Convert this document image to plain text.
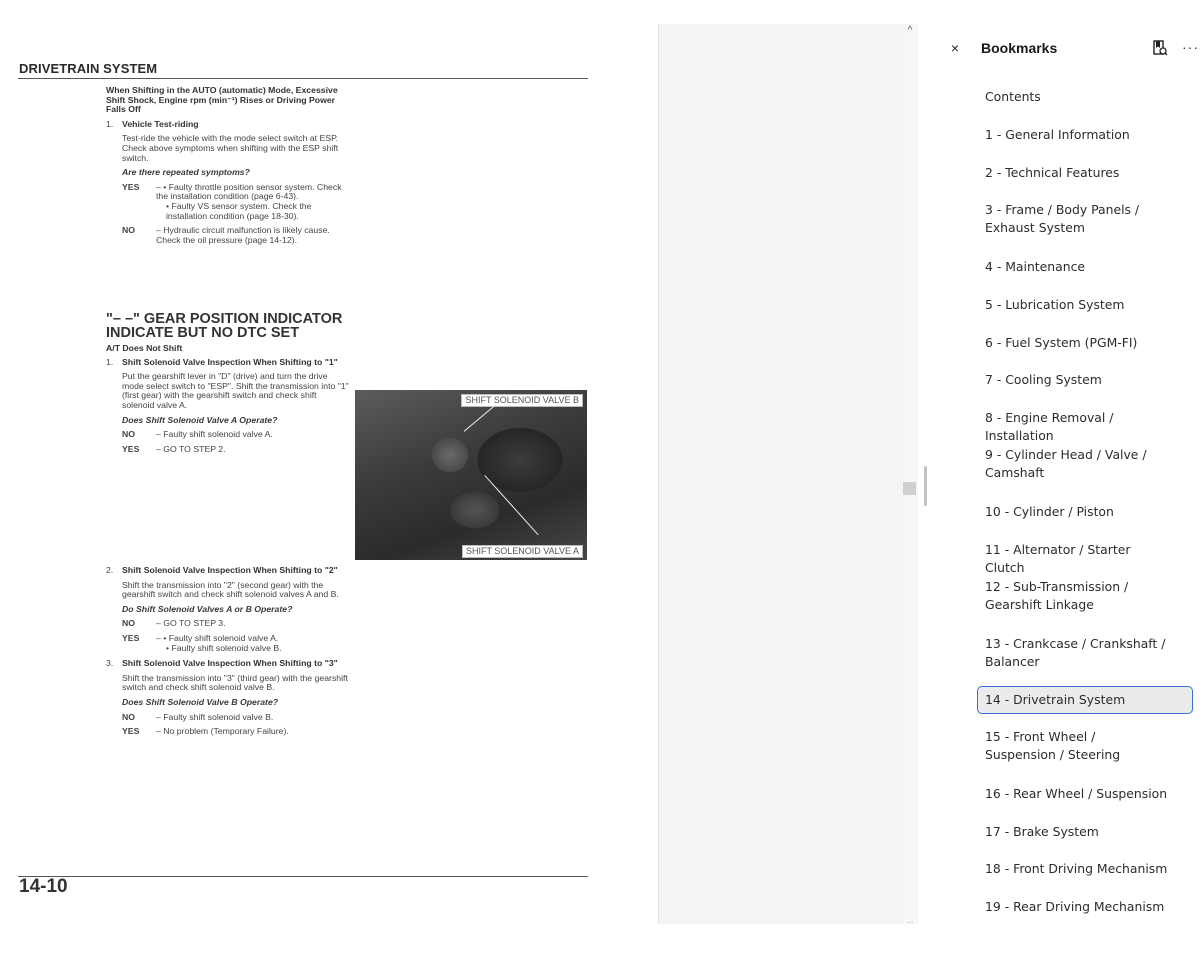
DRIVETRAIN SYSTEM

When Shifting in the AUTO (automatic) Mode, Excessive Shift Shock, Engine rpm (min⁻¹) Rises or Driving Power Falls Off

1.	Vehicle Test-riding

Test-ride the vehicle with the mode select switch at ESP. Check above symptoms when shifting with the ESP shift switch.

Are there repeated symptoms?

YES	– • Faulty throttle position sensor system. Check the installation condition (page 6-43).
• Faulty VS sensor system. Check the installation condition (page 18-30).
NO	– Hydraulic circuit malfunction is likely cause. Check the oil pressure (page 14-12).
"– –" GEAR POSITION INDICATOR INDICATE BUT NO DTC SET

A/T Does Not Shift

1.	Shift Solenoid Valve Inspection When Shifting to "1"

Put the gearshift lever in "D" (drive) and turn the drive mode select switch to "ESP". Shift the transmission into "1" (first gear) with the gearshift switch and check shift solenoid valve A.

Does Shift Solenoid Valve A Operate?

NO	– Faulty shift solenoid valve A.
YES	– GO TO STEP 2.
SHIFT SOLENOID VALVE B
SHIFT SOLENOID VALVE A
2.	Shift Solenoid Valve Inspection When Shifting to "2"

Shift the transmission into "2" (second gear) with the gearshift switch and check shift solenoid valves A and B.

Do Shift Solenoid Valves A or B Operate?

NO	– GO TO STEP 3.
YES	– • Faulty shift solenoid valve A.
• Faulty shift solenoid valve B.
3.	Shift Solenoid Valve Inspection When Shifting to "3"

Shift the transmission into "3" (third gear) with the gearshift switch and check shift solenoid valve B.

Does Shift Solenoid Valve B Operate?

NO	– Faulty shift solenoid valve B.
YES	– No problem (Temporary Failure).
14-10
^
...
×	Bookmarks	···
Contents
1 - General Information
2 - Technical Features
3 - Frame / Body Panels / Exhaust System
4 - Maintenance
5 - Lubrication System
6 - Fuel System (PGM-FI)
7 - Cooling System
8 - Engine Removal / Installation
9 - Cylinder Head / Valve / Camshaft
10 - Cylinder / Piston
11 - Alternator / Starter Clutch
12 - Sub-Transmission / Gearshift Linkage
13 - Crankcase / Crankshaft / Balancer
14 - Drivetrain System
15 - Front Wheel / Suspension / Steering
16 - Rear Wheel / Suspension
17 - Brake System
18 - Front Driving Mechanism
19 - Rear Driving Mechanism
